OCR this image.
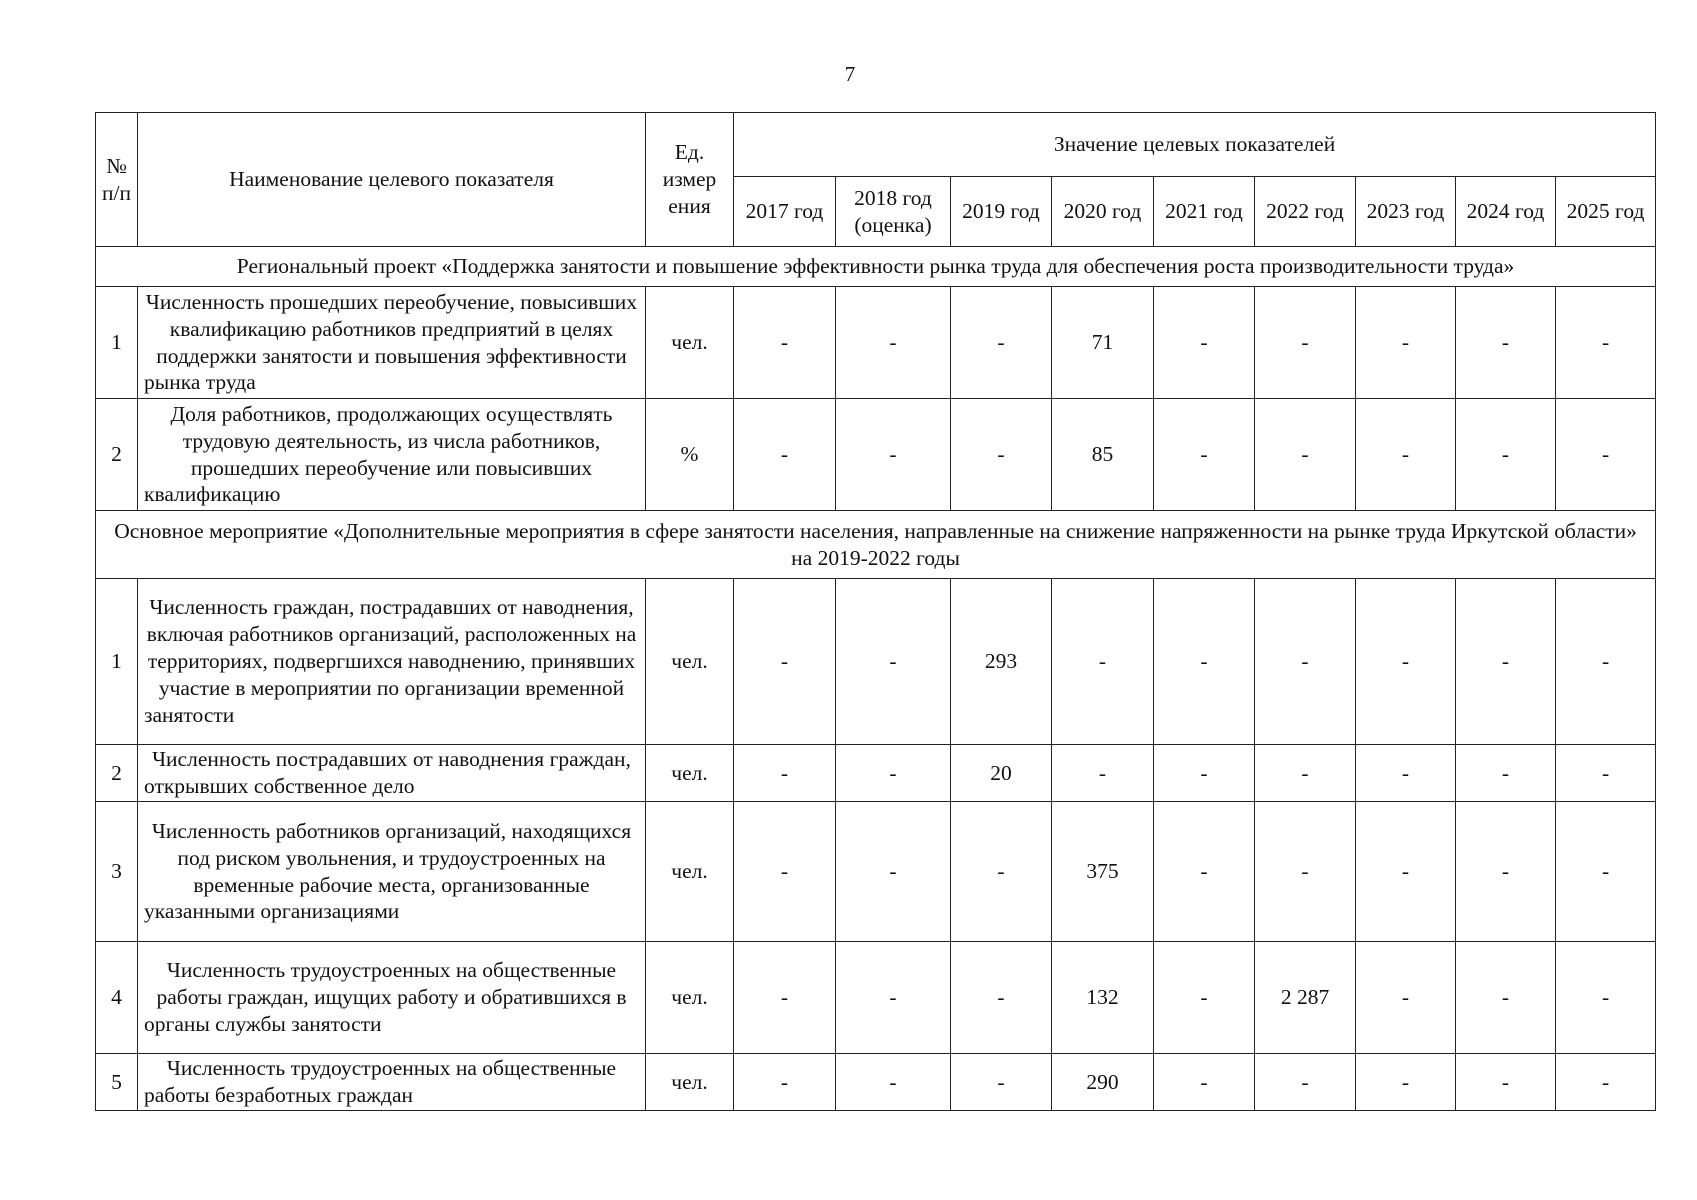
7
№ п/п	Наименование целевого показателя	Ед. измер ения	Значение целевых показателей								
			2017 год	2018 год (оценка)	2019 год	2020 год	2021 год	2022 год	2023 год	2024 год	2025 год
Региональный проект «Поддержка занятости и повышение эффективности рынка труда для обеспечения роста производительности труда»											
1	Численность прошедших переобучение, повысивших квалификацию работников предприятий в целях поддержки занятости и повышения эффективности рынка труда	чел.	-	-	-	71	-	-	-	-	-
2	Доля работников, продолжающих осуществлять трудовую деятельность, из числа работников, прошедших переобучение или повысивших квалификацию	%	-	-	-	85	-	-	-	-	-
Основное мероприятие «Дополнительные мероприятия в сфере занятости населения, направленные на снижение напряженности на рынке труда Иркутской области» на 2019-2022 годы											
1	Численность граждан, пострадавших от наводнения, включая работников организаций, расположенных на территориях, подвергшихся наводнению, принявших участие в мероприятии по организации временной занятости	чел.	-	-	293	-	-	-	-	-	-
2	Численность пострадавших от наводнения граждан, открывших собственное дело	чел.	-	-	20	-	-	-	-	-	-
3	Численность работников организаций, находящихся под риском увольнения, и трудоустроенных на временные рабочие места, организованные указанными организациями	чел.	-	-	-	375	-	-	-	-	-
4	Численность трудоустроенных на общественные работы граждан, ищущих работу и обратившихся в органы службы занятости	чел.	-	-	-	132	-	2 287	-	-	-
5	Численность трудоустроенных на общественные работы безработных граждан	чел.	-	-	-	290	-	-	-	-	-
